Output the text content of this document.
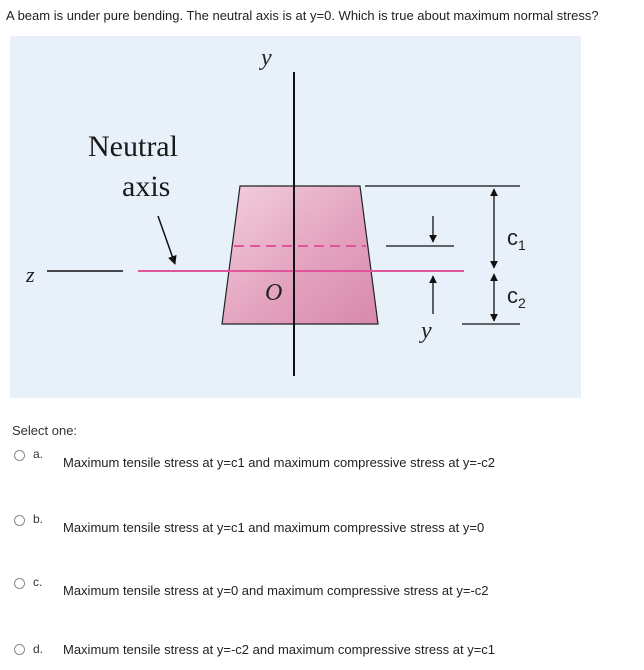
A beam is under pure bending. The neutral axis is at y=0. Which is true about maximum normal stress?
z
y
O
Neutral
axis
y
$c_1$
$c_2$
Select one:
a.
Maximum tensile stress at y=c1 and maximum compressive stress at y=-c2
b.
Maximum tensile stress at y=c1 and maximum compressive stress at y=0
c.
Maximum tensile stress at y=0 and maximum compressive stress at y=-c2
d. Maximum tensile stress at y=-c2 and maximum compressive stress at y=c1
